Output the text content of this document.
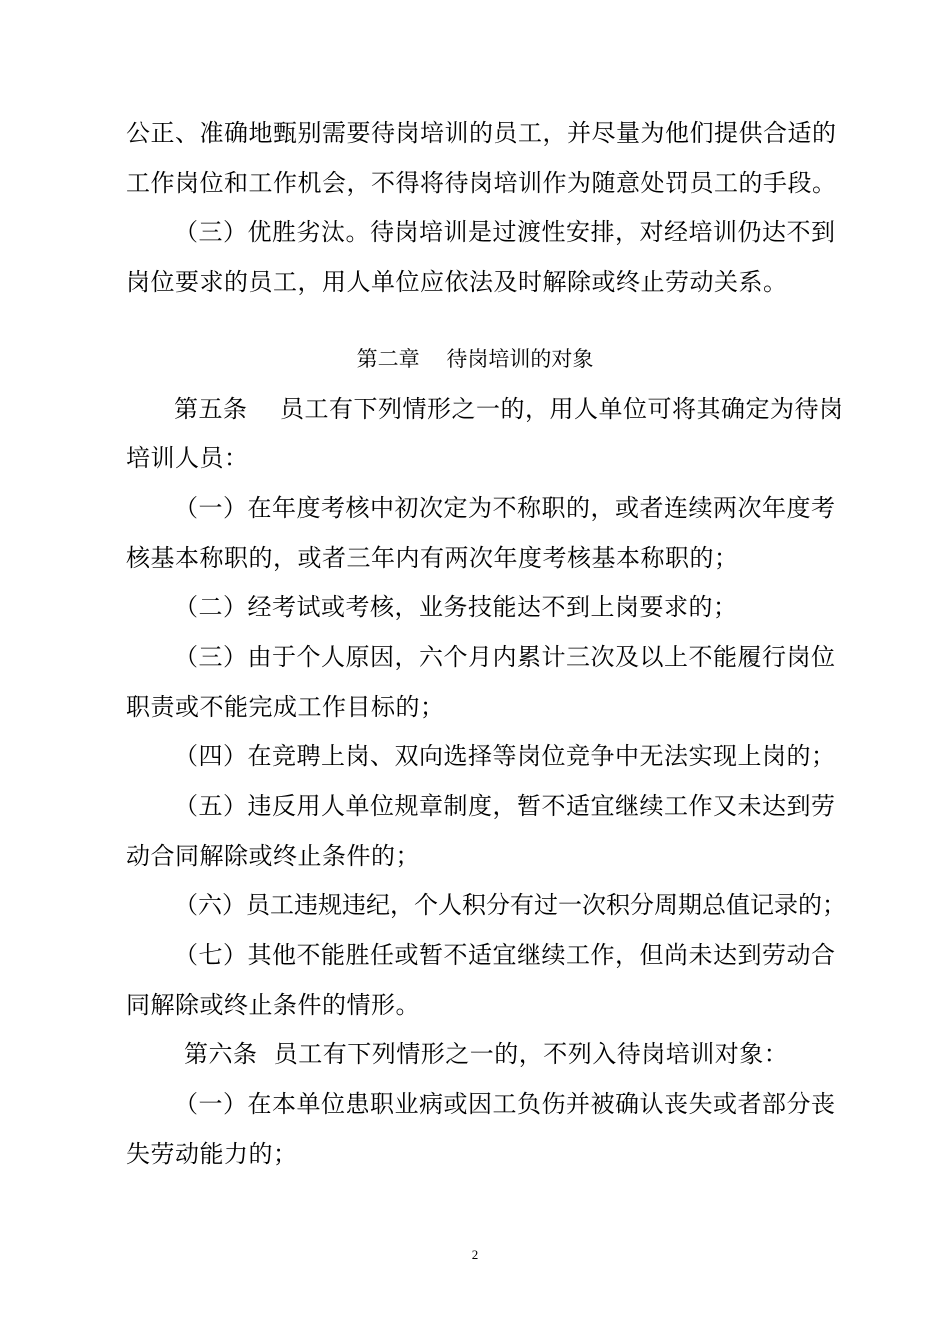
公正、准确地甄别需要待岗培训的员工，并尽量为他们提供合适的
工作岗位和工作机会，不得将待岗培训作为随意处罚员工的手段。
（三）优胜劣汰。待岗培训是过渡性安排，对经培训仍达不到
岗位要求的员工，用人单位应依法及时解除或终止劳动关系。
第二章    待岗培训的对象
第五条    员工有下列情形之一的，用人单位可将其确定为待岗
培训人员：
（一）在年度考核中初次定为不称职的，或者连续两次年度考
核基本称职的，或者三年内有两次年度考核基本称职的；
（二）经考试或考核，业务技能达不到上岗要求的；
（三）由于个人原因，六个月内累计三次及以上不能履行岗位
职责或不能完成工作目标的；
（四）在竞聘上岗、双向选择等岗位竞争中无法实现上岗的；
（五）违反用人单位规章制度，暂不适宜继续工作又未达到劳
动合同解除或终止条件的；
（六）员工违规违纪，个人积分有过一次积分周期总值记录的；
（七）其他不能胜任或暂不适宜继续工作，但尚未达到劳动合
同解除或终止条件的情形。
第六条  员工有下列情形之一的，不列入待岗培训对象：
（一）在本单位患职业病或因工负伤并被确认丧失或者部分丧
失劳动能力的；
2
